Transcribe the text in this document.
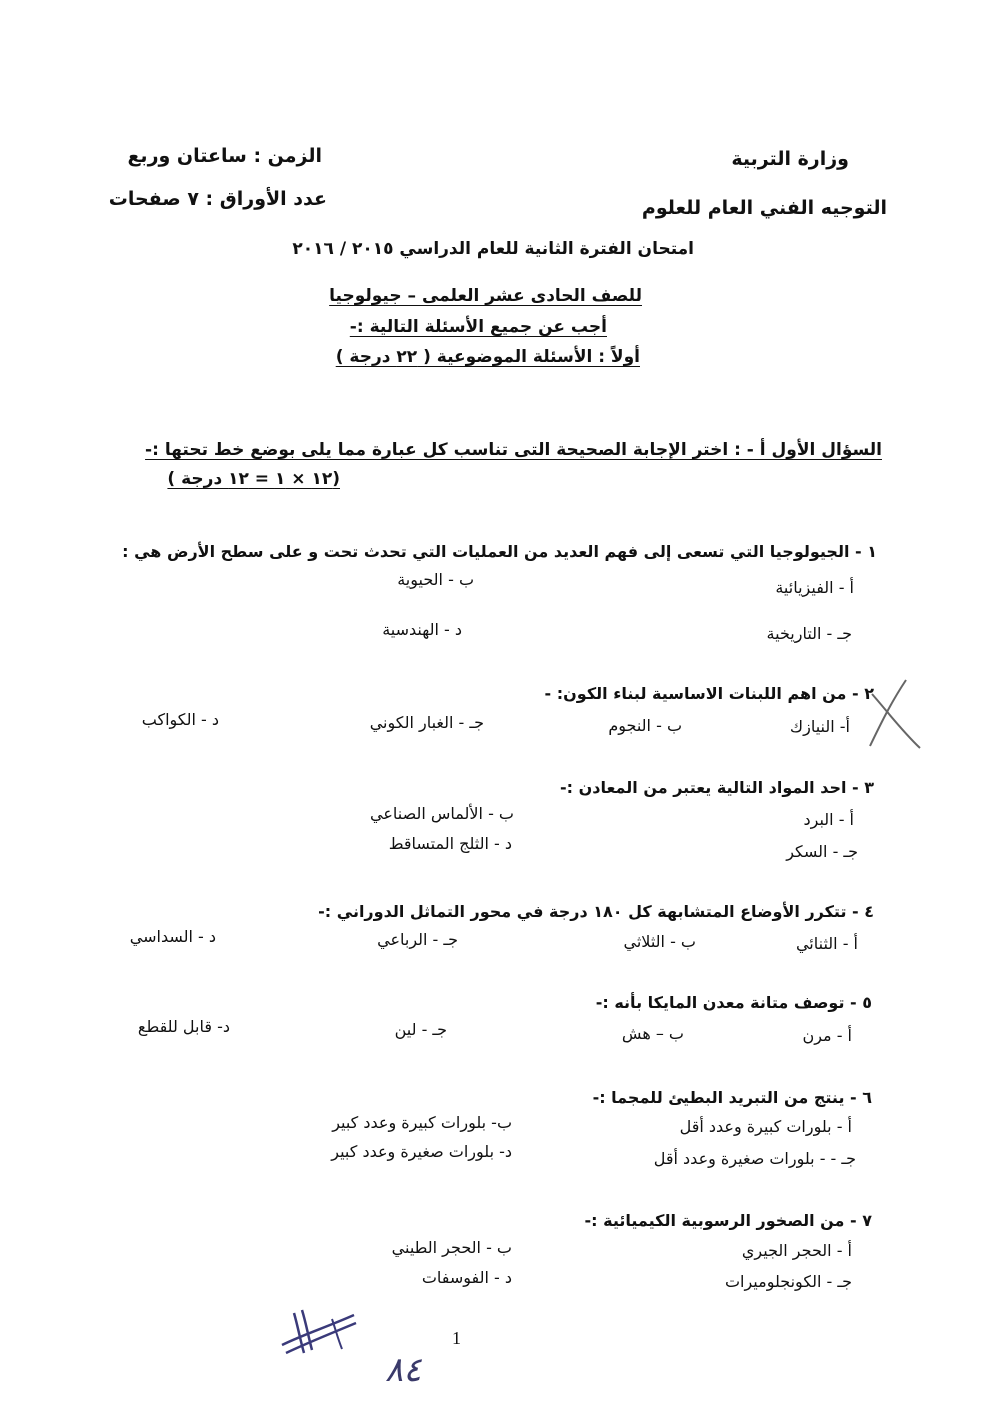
وزارة التربية
الزمن : ساعتان وربع
التوجيه الفني العام للعلوم
عدد الأوراق : ٧ صفحات
امتحان الفترة الثانية للعام الدراسي ٢٠١٥ / ٢٠١٦
للصف الحادى عشر العلمى – جيولوجيا
أجب عن جميع الأسئلة التالية :-
أولاً : الأسئلة الموضوعية ( ٢٢ درجة )
السؤال الأول أ - : اختر الإجابة الصحيحة التى تناسب كل عبارة مما يلى بوضع خط تحتها :-
(١٢ × ١ = ١٢ درجة )
١ - الجيولوجيا التي تسعى إلى فهم العديد من العمليات التي تحدث تحت و على سطح الأرض هي :
أ - الفيزيائية
ب - الحيوية
جـ - التاريخية
د - الهندسية
٢ - من اهم اللبنات الاساسية لبناء الكون: -
أ- النيازك
ب - النجوم
جـ - الغبار الكوني
د - الكواكب
٣ - احد المواد التالية يعتبر من المعادن :-
أ - البرد
ب - الألماس الصناعي
جـ - السكر
د - الثلج المتساقط
٤ - تتكرر الأوضاع المتشابهة كل ١٨٠ درجة في محور التماثل الدوراني :-
أ - الثنائي
ب - الثلاثي
جـ - الرباعي
د - السداسي
٥ - توصف متانة معدن المايكا بأنه :-
أ - مرن
ب – هش
جـ - لين
د- قابل للقطع
٦ - ينتج من التبريد البطيئ للمجما :-
أ - بلورات كبيرة وعدد أقل
ب- بلورات كبيرة وعدد كبير
جـ - - بلورات صغيرة وعدد أقل
د- بلورات صغيرة وعدد كبير
٧ - من الصخور الرسوبية الكيميائية :-
أ - الحجر الجيري
ب - الحجر الطيني
جـ - الكونجلوميرات
د - الفوسفات
1
٨٤
